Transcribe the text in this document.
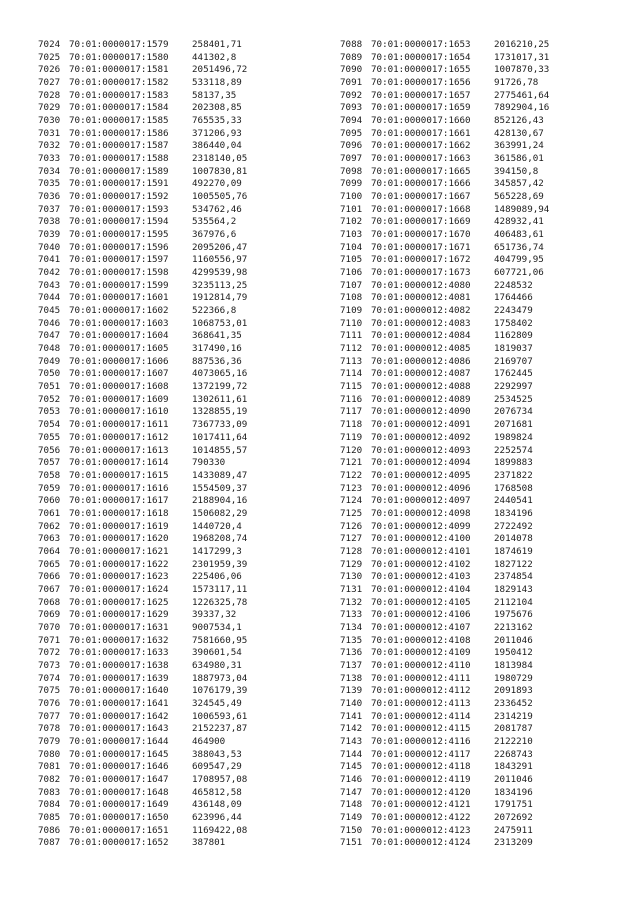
7024 70:01:0000017:1579	258401,71
7025 70:01:0000017:1580	441302,8
7026 70:01:0000017:1581	2051496,72
7027 70:01:0000017:1582	533118,89
7028 70:01:0000017:1583	58137,35
7029 70:01:0000017:1584	202308,85
7030 70:01:0000017:1585	765535,33
7031 70:01:0000017:1586	371206,93
7032 70:01:0000017:1587	386440,04
7033 70:01:0000017:1588	2318140,05
7034 70:01:0000017:1589	1007830,81
7035 70:01:0000017:1591	492270,09
7036 70:01:0000017:1592	1005505,76
7037 70:01:0000017:1593	534762,46
7038 70:01:0000017:1594	535564,2
7039 70:01:0000017:1595	367976,6
7040 70:01:0000017:1596	2095206,47
7041 70:01:0000017:1597	1160556,97
7042 70:01:0000017:1598	4299539,98
7043 70:01:0000017:1599	3235113,25
7044 70:01:0000017:1601	1912814,79
7045 70:01:0000017:1602	522366,8
7046 70:01:0000017:1603	1068753,01
7047 70:01:0000017:1604	368641,35
7048 70:01:0000017:1605	317490,16
7049 70:01:0000017:1606	887536,36
7050 70:01:0000017:1607	4073065,16
7051 70:01:0000017:1608	1372199,72
7052 70:01:0000017:1609	1302611,61
7053 70:01:0000017:1610	1328855,19
7054 70:01:0000017:1611	7367733,09
7055 70:01:0000017:1612	1017411,64
7056 70:01:0000017:1613	1014855,57
7057 70:01:0000017:1614	790330
7058 70:01:0000017:1615	1433089,47
7059 70:01:0000017:1616	1554509,37
7060 70:01:0000017:1617	2188904,16
7061 70:01:0000017:1618	1506082,29
7062 70:01:0000017:1619	1440720,4
7063 70:01:0000017:1620	1968208,74
7064 70:01:0000017:1621	1417299,3
7065 70:01:0000017:1622	2301959,39
7066 70:01:0000017:1623	225406,06
7067 70:01:0000017:1624	1573117,11
7068 70:01:0000017:1625	1226325,78
7069 70:01:0000017:1629	39337,32
7070 70:01:0000017:1631	9007534,1
7071 70:01:0000017:1632	7581660,95
7072 70:01:0000017:1633	390601,54
7073 70:01:0000017:1638	634980,31
7074 70:01:0000017:1639	1887973,04
7075 70:01:0000017:1640	1076179,39
7076 70:01:0000017:1641	324545,49
7077 70:01:0000017:1642	1006593,61
7078 70:01:0000017:1643	2152237,87
7079 70:01:0000017:1644	464900
7080 70:01:0000017:1645	388043,53
7081 70:01:0000017:1646	609547,29
7082 70:01:0000017:1647	1708957,08
7083 70:01:0000017:1648	465812,58
7084 70:01:0000017:1649	436148,09
7085 70:01:0000017:1650	623996,44
7086 70:01:0000017:1651	1169422,08
7087 70:01:0000017:1652	387801
7088 70:01:0000017:1653	2016210,25
7089 70:01:0000017:1654	1731017,31
7090 70:01:0000017:1655	1007870,33
7091 70:01:0000017:1656	91726,78
7092 70:01:0000017:1657	2775461,64
7093 70:01:0000017:1659	7892904,16
7094 70:01:0000017:1660	852126,43
7095 70:01:0000017:1661	428130,67
7096 70:01:0000017:1662	363991,24
7097 70:01:0000017:1663	361586,01
7098 70:01:0000017:1665	394150,8
7099 70:01:0000017:1666	345857,42
7100 70:01:0000017:1667	565228,69
7101 70:01:0000017:1668	1489089,94
7102 70:01:0000017:1669	428932,41
7103 70:01:0000017:1670	406483,61
7104 70:01:0000017:1671	651736,74
7105 70:01:0000017:1672	404799,95
7106 70:01:0000017:1673	607721,06
7107 70:01:0000012:4080	2248532
7108 70:01:0000012:4081	1764466
7109 70:01:0000012:4082	2243479
7110 70:01:0000012:4083	1758402
7111 70:01:0000012:4084	1162809
7112 70:01:0000012:4085	1819037
7113 70:01:0000012:4086	2169707
7114 70:01:0000012:4087	1762445
7115 70:01:0000012:4088	2292997
7116 70:01:0000012:4089	2534525
7117 70:01:0000012:4090	2076734
7118 70:01:0000012:4091	2071681
7119 70:01:0000012:4092	1989824
7120 70:01:0000012:4093	2252574
7121 70:01:0000012:4094	1899883
7122 70:01:0000012:4095	2371822
7123 70:01:0000012:4096	1768508
7124 70:01:0000012:4097	2440541
7125 70:01:0000012:4098	1834196
7126 70:01:0000012:4099	2722492
7127 70:01:0000012:4100	2014078
7128 70:01:0000012:4101	1874619
7129 70:01:0000012:4102	1827122
7130 70:01:0000012:4103	2374854
7131 70:01:0000012:4104	1829143
7132 70:01:0000012:4105	2112104
7133 70:01:0000012:4106	1975676
7134 70:01:0000012:4107	2213162
7135 70:01:0000012:4108	2011046
7136 70:01:0000012:4109	1950412
7137 70:01:0000012:4110	1813984
7138 70:01:0000012:4111	1980729
7139 70:01:0000012:4112	2091893
7140 70:01:0000012:4113	2336452
7141 70:01:0000012:4114	2314219
7142 70:01:0000012:4115	2081787
7143 70:01:0000012:4116	2122210
7144 70:01:0000012:4117	2268743
7145 70:01:0000012:4118	1843291
7146 70:01:0000012:4119	2011046
7147 70:01:0000012:4120	1834196
7148 70:01:0000012:4121	1791751
7149 70:01:0000012:4122	2072692
7150 70:01:0000012:4123	2475911
7151 70:01:0000012:4124	2313209
